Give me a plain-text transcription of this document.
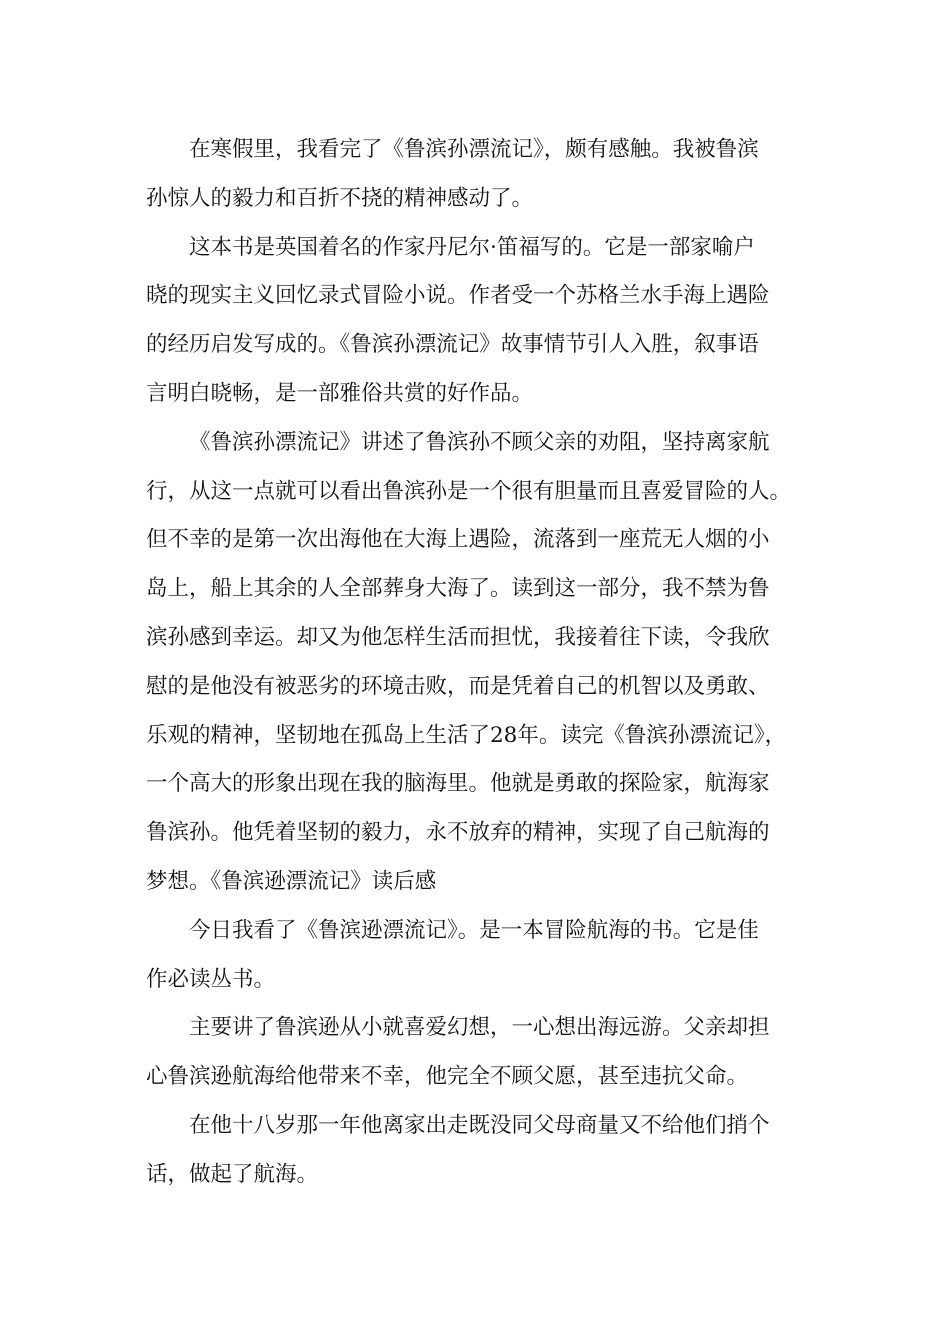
在寒假里，我看完了《鲁滨孙漂流记》，颇有感触。我被鲁滨
孙惊人的毅力和百折不挠的精神感动了。

这本书是英国着名的作家丹尼尔·笛福写的。它是一部家喻户
晓的现实主义回忆录式冒险小说。作者受一个苏格兰水手海上遇险
的经历启发写成的。《鲁滨孙漂流记》故事情节引人入胜，叙事语
言明白晓畅，是一部雅俗共赏的好作品。

《鲁滨孙漂流记》讲述了鲁滨孙不顾父亲的劝阻，坚持离家航
行，从这一点就可以看出鲁滨孙是一个很有胆量而且喜爱冒险的人。
但不幸的是第一次出海他在大海上遇险，流落到一座荒无人烟的小
岛上，船上其余的人全部葬身大海了。读到这一部分，我不禁为鲁
滨孙感到幸运。却又为他怎样生活而担忧，我接着往下读，令我欣
慰的是他没有被恶劣的环境击败，而是凭着自己的机智以及勇敢、
乐观的精神，坚韧地在孤岛上生活了28年。读完《鲁滨孙漂流记》，
一个高大的形象出现在我的脑海里。他就是勇敢的探险家，航海家
鲁滨孙。他凭着坚韧的毅力，永不放弃的精神，实现了自己航海的
梦想。《鲁滨逊漂流记》读后感

今日我看了《鲁滨逊漂流记》。是一本冒险航海的书。它是佳
作必读丛书。

主要讲了鲁滨逊从小就喜爱幻想，一心想出海远游。父亲却担
心鲁滨逊航海给他带来不幸，他完全不顾父愿，甚至违抗父命。

在他十八岁那一年他离家出走既没同父母商量又不给他们捎个
话，做起了航海。
